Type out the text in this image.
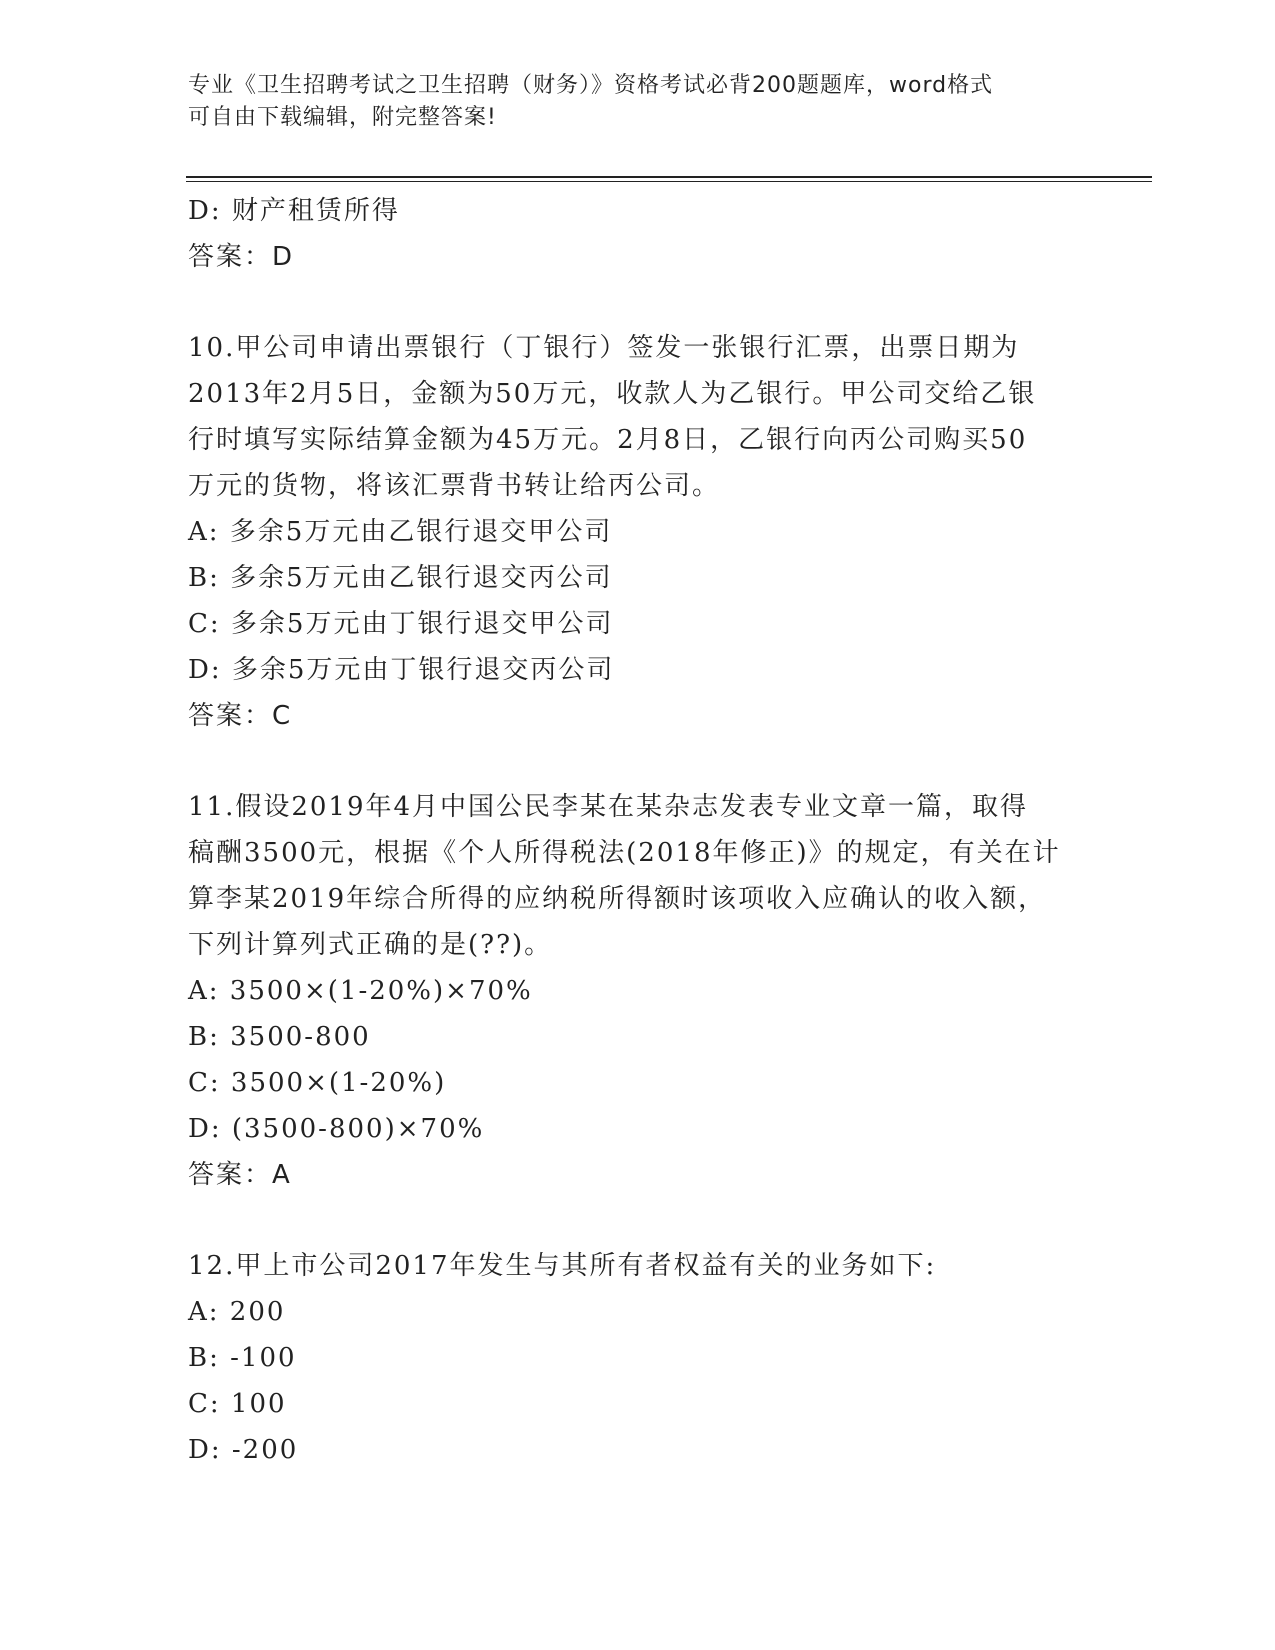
专业《卫生招聘考试之卫生招聘（财务）》资格考试必背200题题库，word格式
可自由下载编辑，附完整答案!
D: 财产租赁所得
答案：D
10.甲公司申请出票银行（丁银行）签发一张银行汇票，出票日期为
2013年2月5日，金额为50万元，收款人为乙银行。甲公司交给乙银
行时填写实际结算金额为45万元。2月8日，乙银行向丙公司购买50
万元的货物，将该汇票背书转让给丙公司。
A: 多余5万元由乙银行退交甲公司
B: 多余5万元由乙银行退交丙公司
C: 多余5万元由丁银行退交甲公司
D: 多余5万元由丁银行退交丙公司
答案：C
11.假设2019年4月中国公民李某在某杂志发表专业文章一篇，取得
稿酬3500元，根据《个人所得税法(2018年修正)》的规定，有关在计
算李某2019年综合所得的应纳税所得额时该项收入应确认的收入额，
下列计算列式正确的是(??)。
A: 3500×(1-20%)×70%
B: 3500-800
C: 3500×(1-20%)
D: (3500-800)×70%
答案：A
12.甲上市公司2017年发生与其所有者权益有关的业务如下:
A: 200
B: -100
C: 100
D: -200
